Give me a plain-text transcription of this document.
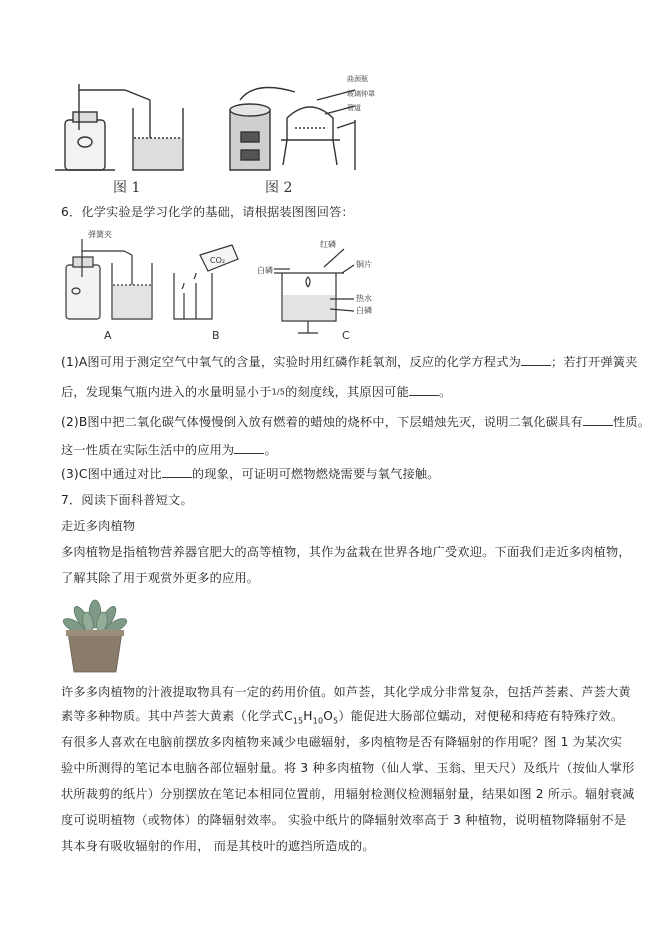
图 1	图 2
曲颈瓶
玻璃钟罩
管道
6．化学实验是学习化学的基础，请根据装图图回答：
弹簧夹
CO₂
红磷
白磷
铜片
热水
白磷
A	B	C
(1)A图可用于测定空气中氧气的含量，实验时用红磷作耗氧剂，反应的化学方程式为 ；若打开弹簧夹
后，发现集气瓶内进入的水量明显小于1/5的刻度线，其原因可能 。
(2)B图中把二氧化碳气体慢慢倒入放有燃着的蜡烛的烧杯中，下层蜡烛先灭，说明二氧化碳具有 性质。
这一性质在实际生活中的应用为 。
(3)C图中通过对比 的现象，可证明可燃物燃烧需要与氧气接触。
7．阅读下面科普短文。
走近多肉植物
多肉植物是指植物营养器官肥大的高等植物，其作为盆栽在世界各地广受欢迎。下面我们走近多肉植物，
了解其除了用于观赏外更多的应用。
许多多肉植物的汁液提取物具有一定的药用价值。如芦荟，其化学成分非常复杂，包括芦荟素、芦荟大黄
素等多种物质。其中芦荟大黄素（化学式$C_{15}H_{10}O_5$）能促进大肠部位蠕动，对便秘和痔疮有特殊疗效。
有很多人喜欢在电脑前摆放多肉植物来减少电磁辐射，多肉植物是否有降辐射的作用呢？图 1 为某次实
验中所测得的笔记本电脑各部位辐射量。将 3 种多肉植物（仙人掌、玉翁、里天尺）及纸片（按仙人掌形
状所裁剪的纸片）分别摆放在笔记本相同位置前，用辐射检测仪检测辐射量，结果如图 2 所示。辐射衰减
度可说明植物（或物体）的降辐射效率。 实验中纸片的降辐射效率高于 3 种植物，说明植物降辐射不是
其本身有吸收辐射的作用， 而是其枝叶的遮挡所造成的。
